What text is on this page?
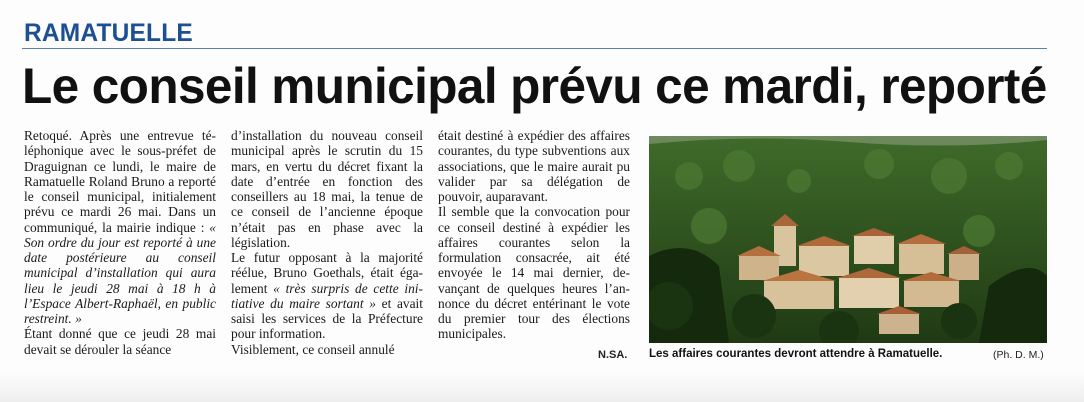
RAMATUELLE
Le conseil municipal prévu ce mardi, reporté

Retoqué. Après une entrevue téléphonique avec le sous-préfet de Draguignan ce lundi, le maire de Ramatuelle Roland Bruno a reporté le conseil municipal, initialement prévu ce mardi 26 mai. Dans un communiqué, la mairie indique : « Son ordre du jour est reporté à une date postérieure au conseil municipal d’installation qui aura lieu le jeudi 28 mai à 18 h à l’Espace Albert-Raphaël, en public restreint. »

Étant donné que ce jeudi 28 mai devait se dérouler la séance

d’installation du nouveau conseil municipal après le scrutin du 15 mars, en vertu du décret fixant la date d’entrée en fonction des conseillers au 18 mai, la tenue de ce conseil de l’ancienne époque n’était pas en phase avec la législation.

Le futur opposant à la majorité réélue, Bruno Goethals, était également « très surpris de cette initiative du maire sortant » et avait saisi les services de la Préfecture pour information.

Visiblement, ce conseil annulé

était destiné à expédier des affaires courantes, du type subventions aux associations, que le maire aurait pu valider par sa délégation de pouvoir, auparavant.

Il semble que la convocation pour ce conseil destiné à expédier les affaires courantes selon la formulation consacrée, ait été envoyée le 14 mai dernier, devançant de quelques heures l’annonce du décret entérinant le vote du premier tour des élections municipales.

N.SA. Les affaires courantes devront attendre à Ramatuelle.	(Ph. D. M.)
